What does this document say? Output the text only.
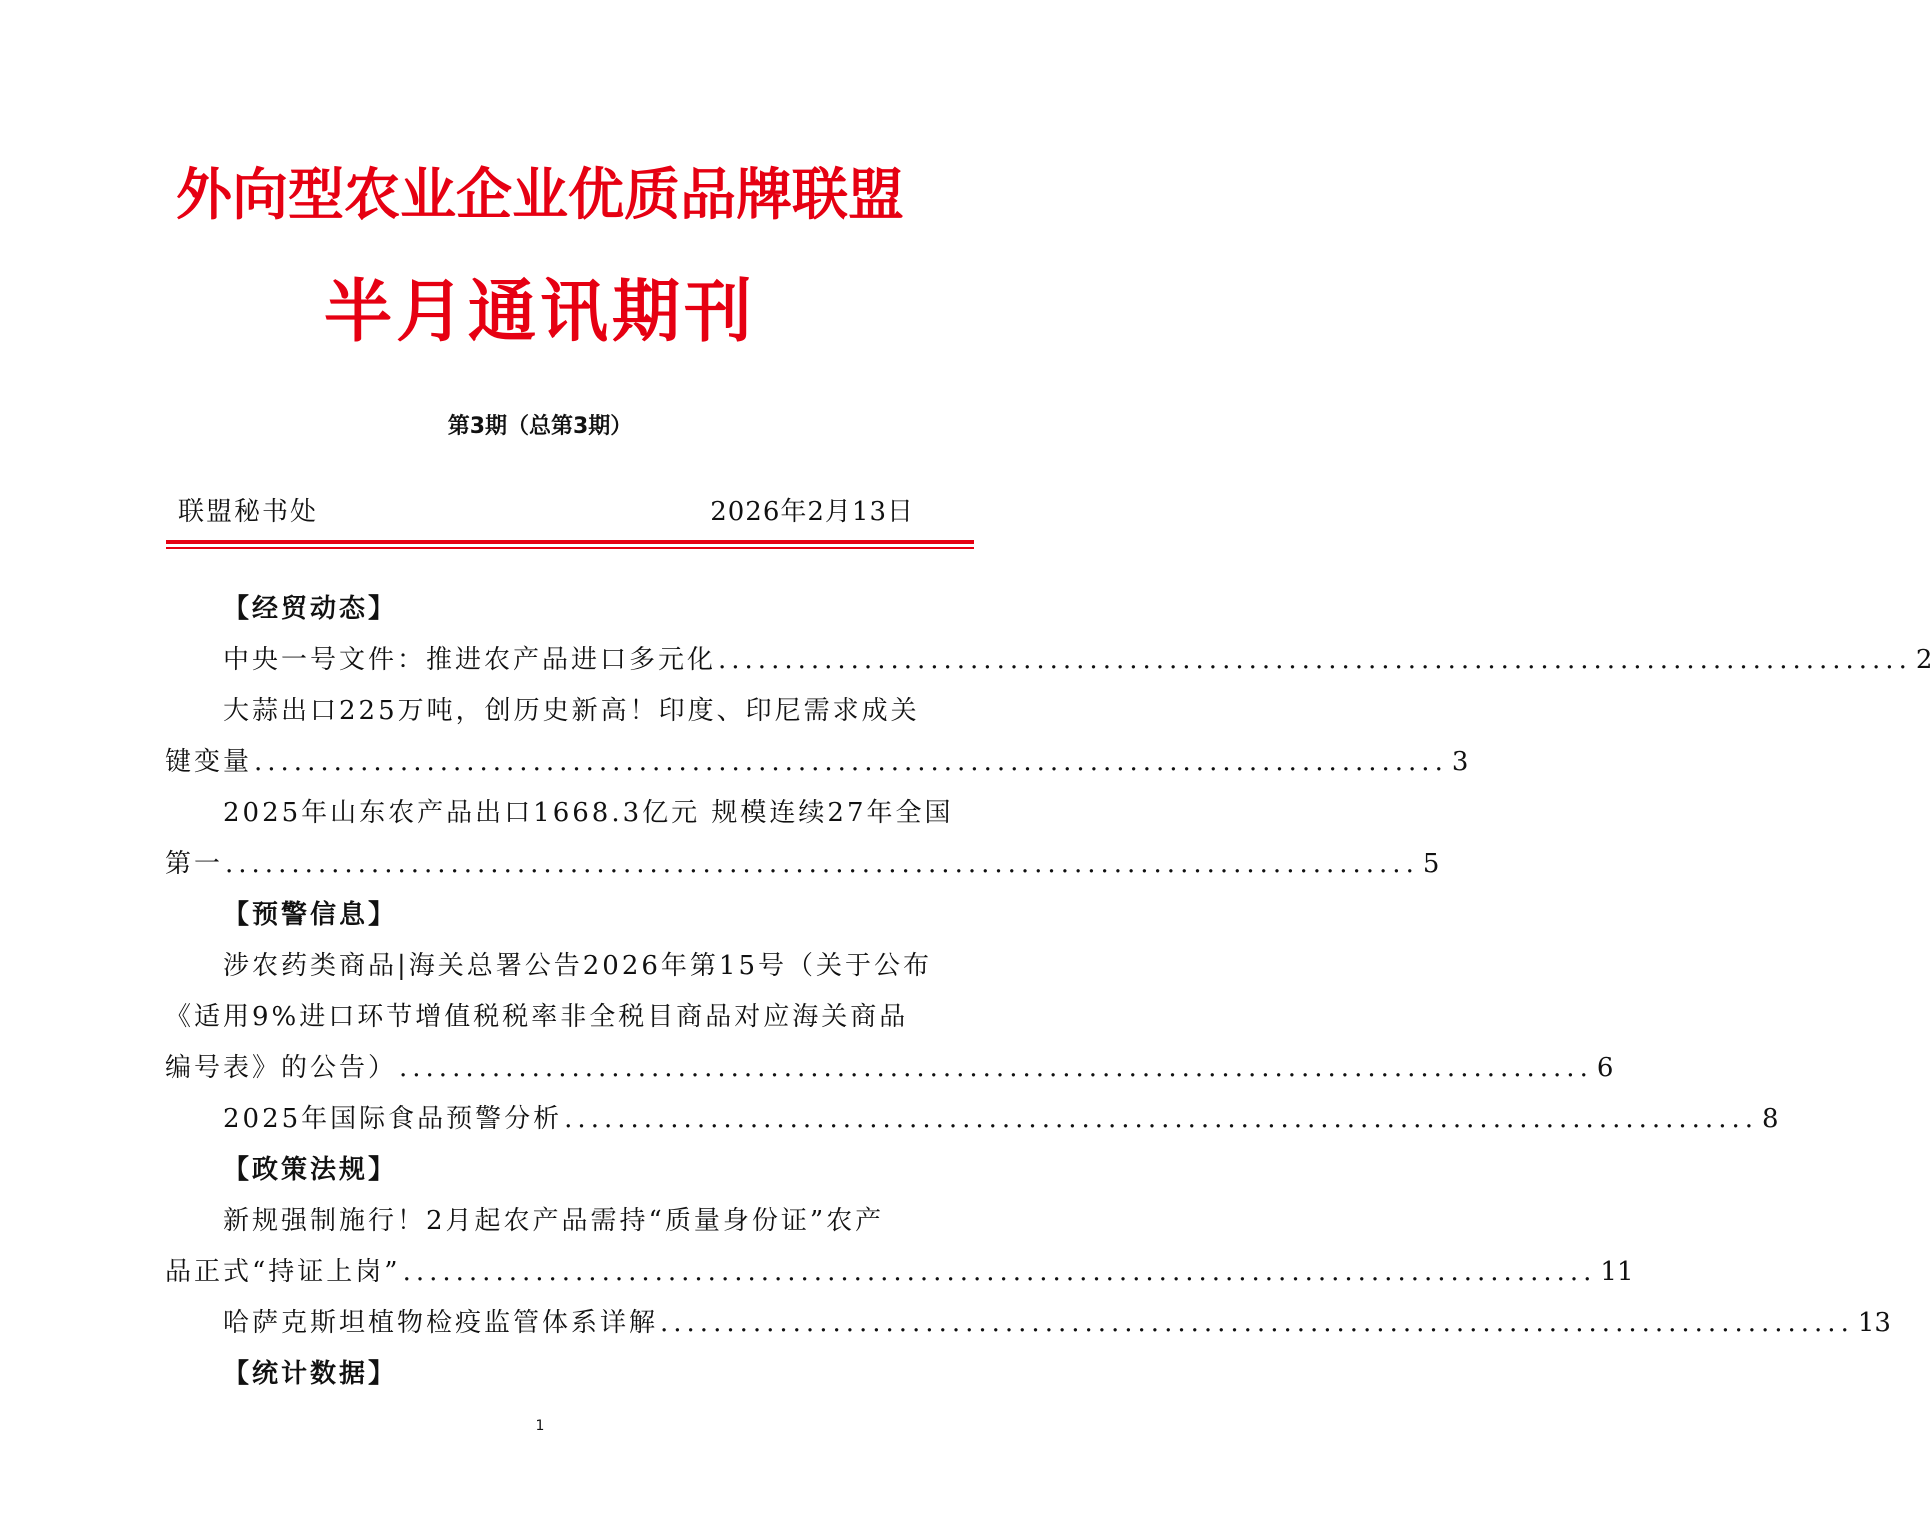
外向型农业企业优质品牌联盟
半月通讯期刊
第3期（总第3期）
联盟秘书处	2026年2月13日
【经贸动态】
中央一号文件：推进农产品进口多元化 .......................................................................................... 2
大蒜出口225万吨，创历史新高！印度、印尼需求成关
键变量 .......................................................................................... 3
2025年山东农产品出口1668.3亿元 规模连续27年全国
第一 .......................................................................................... 5
【预警信息】
涉农药类商品|海关总署公告2026年第15号（关于公布
《适用9%进口环节增值税税率非全税目商品对应海关商品
编号表》的公告） .......................................................................................... 6
2025年国际食品预警分析 .......................................................................................... 8
【政策法规】
新规强制施行！2月起农产品需持“质量身份证”农产
品正式“持证上岗” .......................................................................................... 11
哈萨克斯坦植物检疫监管体系详解 .......................................................................................... 13
【统计数据】
1
